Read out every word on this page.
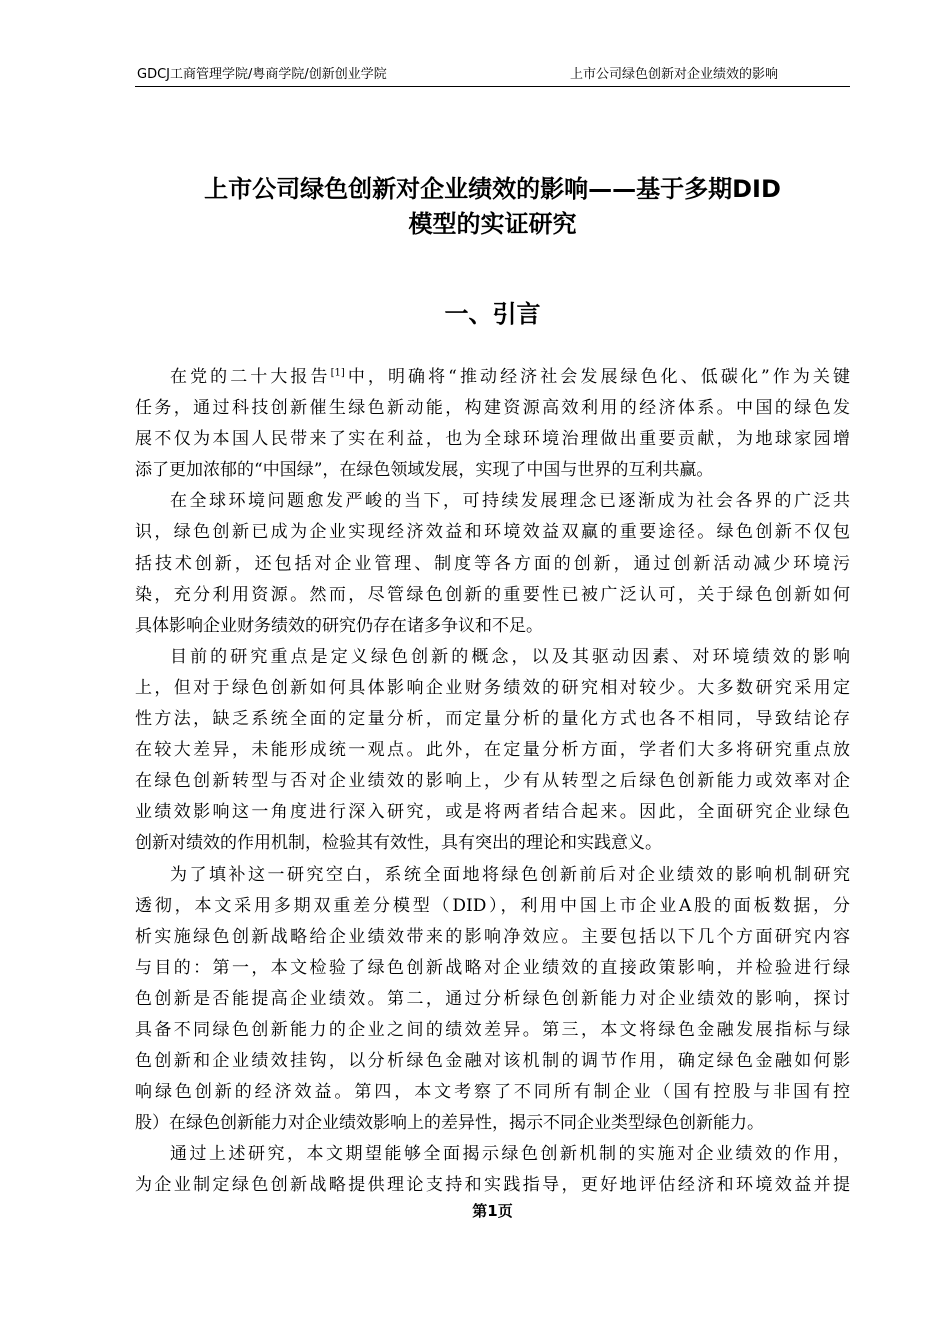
GDCJ工商管理学院/粤商学院/创新创业学院	上市公司绿色创新对企业绩效的影响
上市公司绿色创新对企业绩效的影响——基于多期DID
模型的实证研究
一、引言

在党的二十大报告[1]中，明确将“推动经济社会发展绿色化、低碳化”作为关键
任务，通过科技创新催生绿色新动能，构建资源高效利用的经济体系。中国的绿色发
展不仅为本国人民带来了实在利益，也为全球环境治理做出重要贡献，为地球家园增
添了更加浓郁的“中国绿”，在绿色领域发展，实现了中国与世界的互利共赢。

在全球环境问题愈发严峻的当下，可持续发展理念已逐渐成为社会各界的广泛共
识，绿色创新已成为企业实现经济效益和环境效益双赢的重要途径。绿色创新不仅包
括技术创新，还包括对企业管理、制度等各方面的创新，通过创新活动减少环境污
染，充分利用资源。然而，尽管绿色创新的重要性已被广泛认可，关于绿色创新如何
具体影响企业财务绩效的研究仍存在诸多争议和不足。

目前的研究重点是定义绿色创新的概念，以及其驱动因素、对环境绩效的影响
上，但对于绿色创新如何具体影响企业财务绩效的研究相对较少。大多数研究采用定
性方法，缺乏系统全面的定量分析，而定量分析的量化方式也各不相同，导致结论存
在较大差异，未能形成统一观点。此外，在定量分析方面，学者们大多将研究重点放
在绿色创新转型与否对企业绩效的影响上，少有从转型之后绿色创新能力或效率对企
业绩效影响这一角度进行深入研究，或是将两者结合起来。因此，全面研究企业绿色
创新对绩效的作用机制，检验其有效性，具有突出的理论和实践意义。

为了填补这一研究空白，系统全面地将绿色创新前后对企业绩效的影响机制研究
透彻，本文采用多期双重差分模型（DID），利用中国上市企业A股的面板数据，分
析实施绿色创新战略给企业绩效带来的影响净效应。主要包括以下几个方面研究内容
与目的：第一，本文检验了绿色创新战略对企业绩效的直接政策影响，并检验进行绿
色创新是否能提高企业绩效。第二，通过分析绿色创新能力对企业绩效的影响，探讨
具备不同绿色创新能力的企业之间的绩效差异。第三，本文将绿色金融发展指标与绿
色创新和企业绩效挂钩，以分析绿色金融对该机制的调节作用，确定绿色金融如何影
响绿色创新的经济效益。第四，本文考察了不同所有制企业（国有控股与非国有控
股）在绿色创新能力对企业绩效影响上的差异性，揭示不同企业类型绿色创新能力。

通过上述研究，本文期望能够全面揭示绿色创新机制的实施对企业绩效的作用，
为企业制定绿色创新战略提供理论支持和实践指导，更好地评估经济和环境效益并提

第1页
